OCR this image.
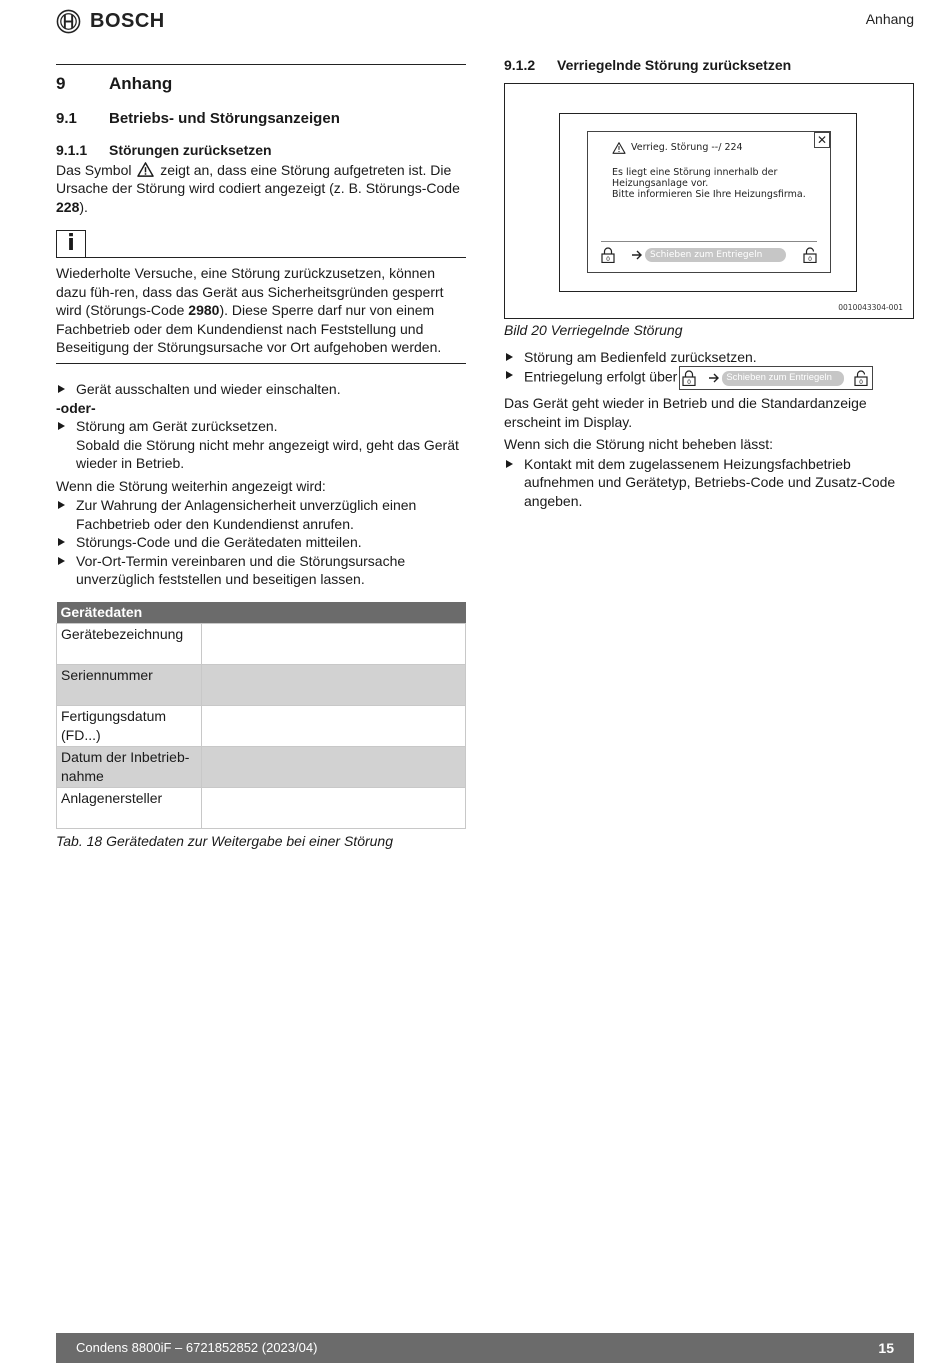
BOSCH	Anhang
9	Anhang
9.1	Betriebs- und Störungsanzeigen
9.1.1	Störungen zurücksetzen

Das Symbol zeigt an, dass eine Störung aufgetreten ist. Die Ursache der Störung wird codiert angezeigt (z. B. Störungs-Code 228).

i

Wiederholte Versuche, eine Störung zurückzusetzen, können dazu füh-ren, dass das Gerät aus Sicherheitsgründen gesperrt wird (Störungs-Code 2980). Diese Sperre darf nur von einem Fachbetrieb oder dem Kundendienst nach Feststellung und Beseitigung der Störungsursache vor Ort aufgehoben werden.

Gerät ausschalten und wieder einschalten.
-oder-
Störung am Gerät zurücksetzen.
Sobald die Störung nicht mehr angezeigt wird, geht das Gerät wieder in Betrieb.

Wenn die Störung weiterhin angezeigt wird:

Zur Wahrung der Anlagensicherheit unverzüglich einen Fachbetrieb oder den Kundendienst anrufen.
Störungs-Code und die Gerätedaten mitteilen.
Vor-Ort-Termin vereinbaren und die Störungsursache unverzüglich feststellen und beseitigen lassen.
Gerätedaten	
Gerätebezeichnung	
Seriennummer	
Fertigungsdatum (FD...)	
Datum der Inbetrieb-nahme	
Anlagenersteller	

Tab. 18 Gerätedaten zur Weitergabe bei einer Störung

9.1.2	Verriegelnde Störung zurücksetzen
✕
Verrieg. Störung --/ 224
Es liegt eine Störung innerhalb der
Heizungsanlage vor.
Bitte informieren Sie Ihre Heizungsfirma.
0	Schieben zum Entriegeln	0
0010043304-001

Bild 20 Verriegelnde Störung

Störung am Bedienfeld zurücksetzen.
Entriegelung erfolgt über 0	Schieben zum Entriegeln	0

Das Gerät geht wieder in Betrieb und die Standardanzeige erscheint im Display.

Wenn sich die Störung nicht beheben lässt:

Kontakt mit dem zugelassenem Heizungsfachbetrieb aufnehmen und Gerätetyp, Betriebs-Code und Zusatz-Code angeben.
Condens 8800iF – 6721852852 (2023/04)	15
